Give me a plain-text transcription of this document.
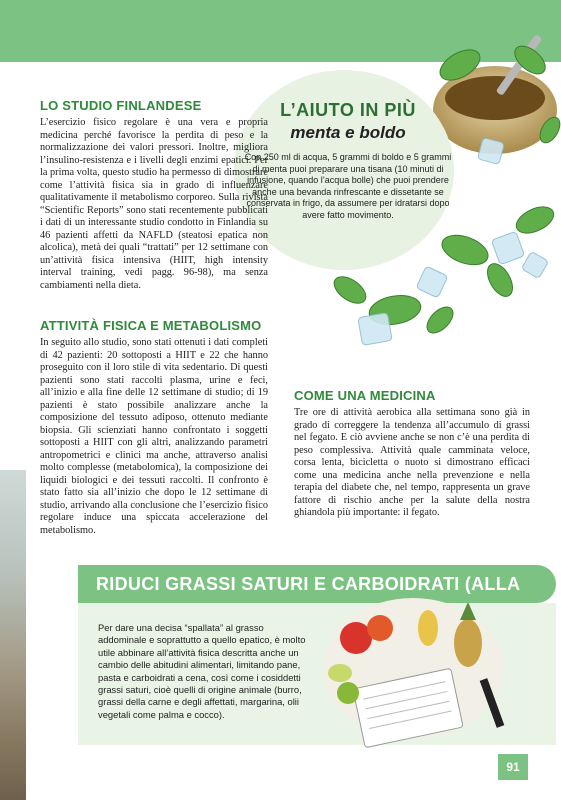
LO STUDIO FINLANDESE
L’esercizio fisico regolare è una vera e propria medicina perché favorisce la perdita di peso e la normalizzazione dei valori pressori. Inoltre, migliora l’insulino-resistenza e i livelli degli enzimi epatici. Per la prima volta, questo studio ha permesso di dimostrare come l’attività fisica sia in grado di influenzare qualitativamente il metabolismo corporeo. Sulla rivista “Scientific Reports” sono stati recentemente pubblicati i dati di un interessante studio condotto in Finlandia su 46 pazienti affetti da NAFLD (steatosi epatica non alcolica), metà dei quali “trattati” per 12 settimane con un’attività fisica intensiva (HIIT, high intensity interval training, vedi pagg. 96-98), ma senza cambiamenti nella dieta.
ATTIVITÀ FISICA E METABOLISMO
In seguito allo studio, sono stati ottenuti i dati completi di 42 pazienti: 20 sottoposti a HIIT e 22 che hanno proseguito con il loro stile di vita sedentario. Di questi pazienti sono stati raccolti plasma, urine e feci, all’inizio e alla fine delle 12 settimane di studio; di 19 pazienti è stato possibile analizzare anche la composizione del tessuto adiposo, ottenuto mediante biopsia. Gli scienziati hanno confrontato i soggetti sottoposti a HIIT con gli altri, analizzando parametri antropometrici e clinici ma anche, attraverso analisi molto complesse (metabolomica), la composizione dei liquidi biologici e dei tessuti raccolti. Il confronto è stato fatto sia all’inizio che dopo le 12 settimane di studio, arrivando alla conclusione che l’esercizio fisico regolare induce una spiccata accelerazione del metabolismo.
L’AIUTO IN PIÙ
menta e boldo
Con 250 ml di acqua, 5 grammi di boldo e 5 grammi di menta puoi preparare una tisana (10 minuti di infusione, quando l’acqua bolle) che puoi prendere anche una bevanda rinfrescante e dissetante se conservata in frigo, da assumere per idratarsi dopo avere fatto movimento.
COME UNA MEDICINA
Tre ore di attività aerobica alla settimana sono già in grado di correggere la tendenza all’accumulo di grassi nel fegato. E ciò avviene anche se non c’è una perdita di peso complessiva. Attività quale camminata veloce, corsa lenta, bicicletta o nuoto si dimostrano efficaci come una medicina anche nella prevenzione e nella terapia del diabete che, nel tempo, rappresenta un grave fattore di rischio anche per la salute della nostra ghiandola più importante: il fegato.
RIDUCI GRASSI SATURI E CARBOIDRATI (ALLA
Per dare una decisa “spallata” al grasso addominale e soprattutto a quello epatico, è molto utile abbinare all’attività fisica descritta anche un cambio delle abitudini alimentari, limitando pane, pasta e carboidrati a cena, così come i cosiddetti grassi saturi, cioè quelli di origine animale (burro, grassi della carne e degli affettati, margarina, olii vegetali come palma e cocco).
91
